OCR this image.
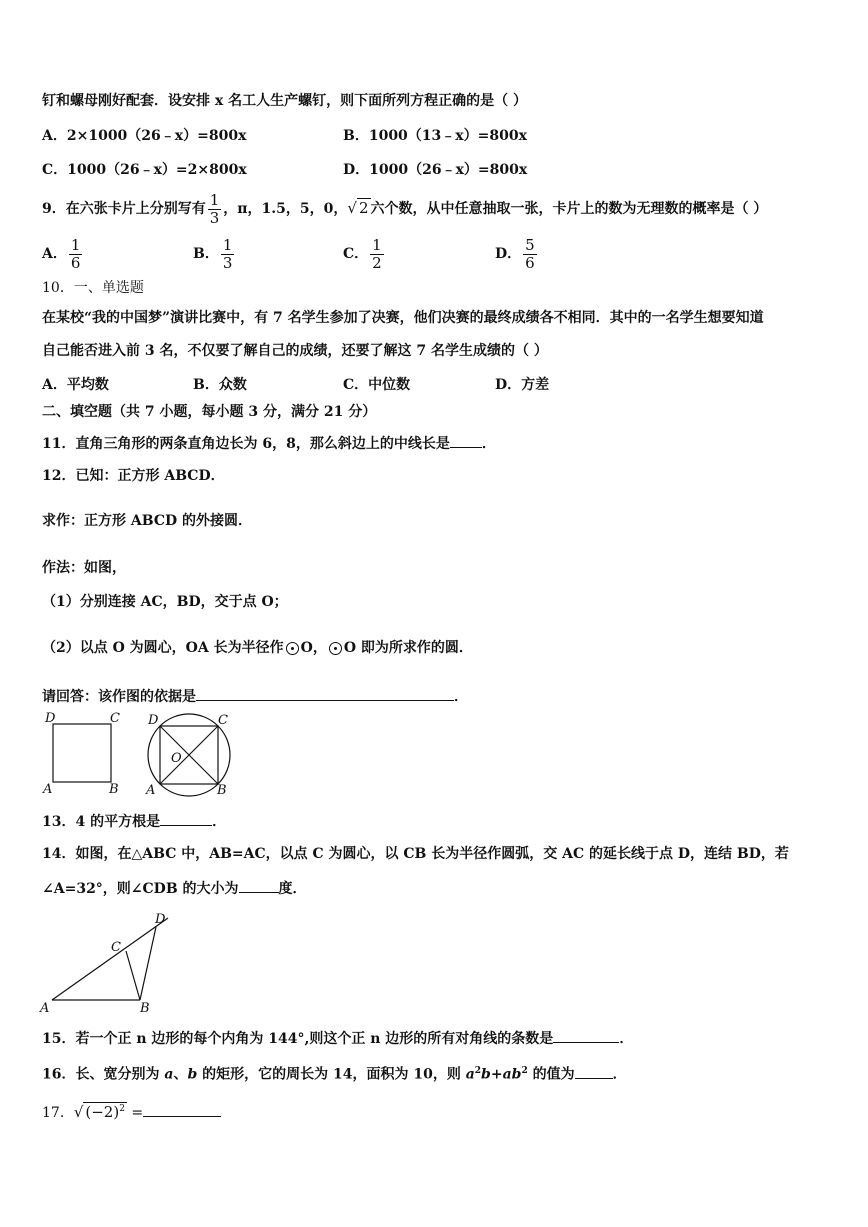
钉和螺母刚好配套．设安排 x 名工人生产螺钉，则下面所列方程正确的是（ ）
A．2×1000（26﹣x）=800x	B．1000（13﹣x）=800x
C．1000（26﹣x）=2×800x	D．1000（26﹣x）=800x
9．在六张卡片上分别写有 $\frac{1}{3}$ ，π，1.5，5，0，√ 2 六个数，从中任意抽取一张，卡片上的数为无理数的概率是（ ）
A． $\frac{1}{6}$	B． $\frac{1}{3}$	C． $\frac{1}{2}$	D． $\frac{5}{6}$
10．一、单选题
在某校“我的中国梦”演讲比赛中，有 7 名学生参加了决赛，他们决赛的最终成绩各不相同．其中的一名学生想要知道
自己能否进入前 3 名，不仅要了解自己的成绩，还要了解这 7 名学生成绩的（ ）
A．平均数	B．众数	C．中位数	D．方差
二、填空题（共 7 小题，每小题 3 分，满分 21 分）
11．直角三角形的两条直角边长为 6，8，那么斜边上的中线长是 ．
12．已知：正方形 ABCD．
求作：正方形 ABCD 的外接圆．
作法：如图，
（1）分别连接 AC，BD，交于点 O；
（2）以点 O 为圆心，OA 长为半径作 O， O 即为所求作的圆．
请回答：该作图的依据是	．
D	C
A	B
D	C
A	B
O
13．4 的平方根是	．
14．如图，在△ABC 中，AB=AC，以点 C 为圆心，以 CB 长为半径作圆弧，交 AC 的延长线于点 D，连结 BD，若
∠A=32°，则∠CDB 的大小为	度．
A	B
C
D
15．若一个正 n 边形的每个内角为 144°,则这个正 n 边形的所有对角线的条数是	．
16．长、宽分别为 a、b 的矩形，它的周长为 14，面积为 10，则 $a^2b+ab^2$ 的值为	．
17．√ $(-2)^2$ =
